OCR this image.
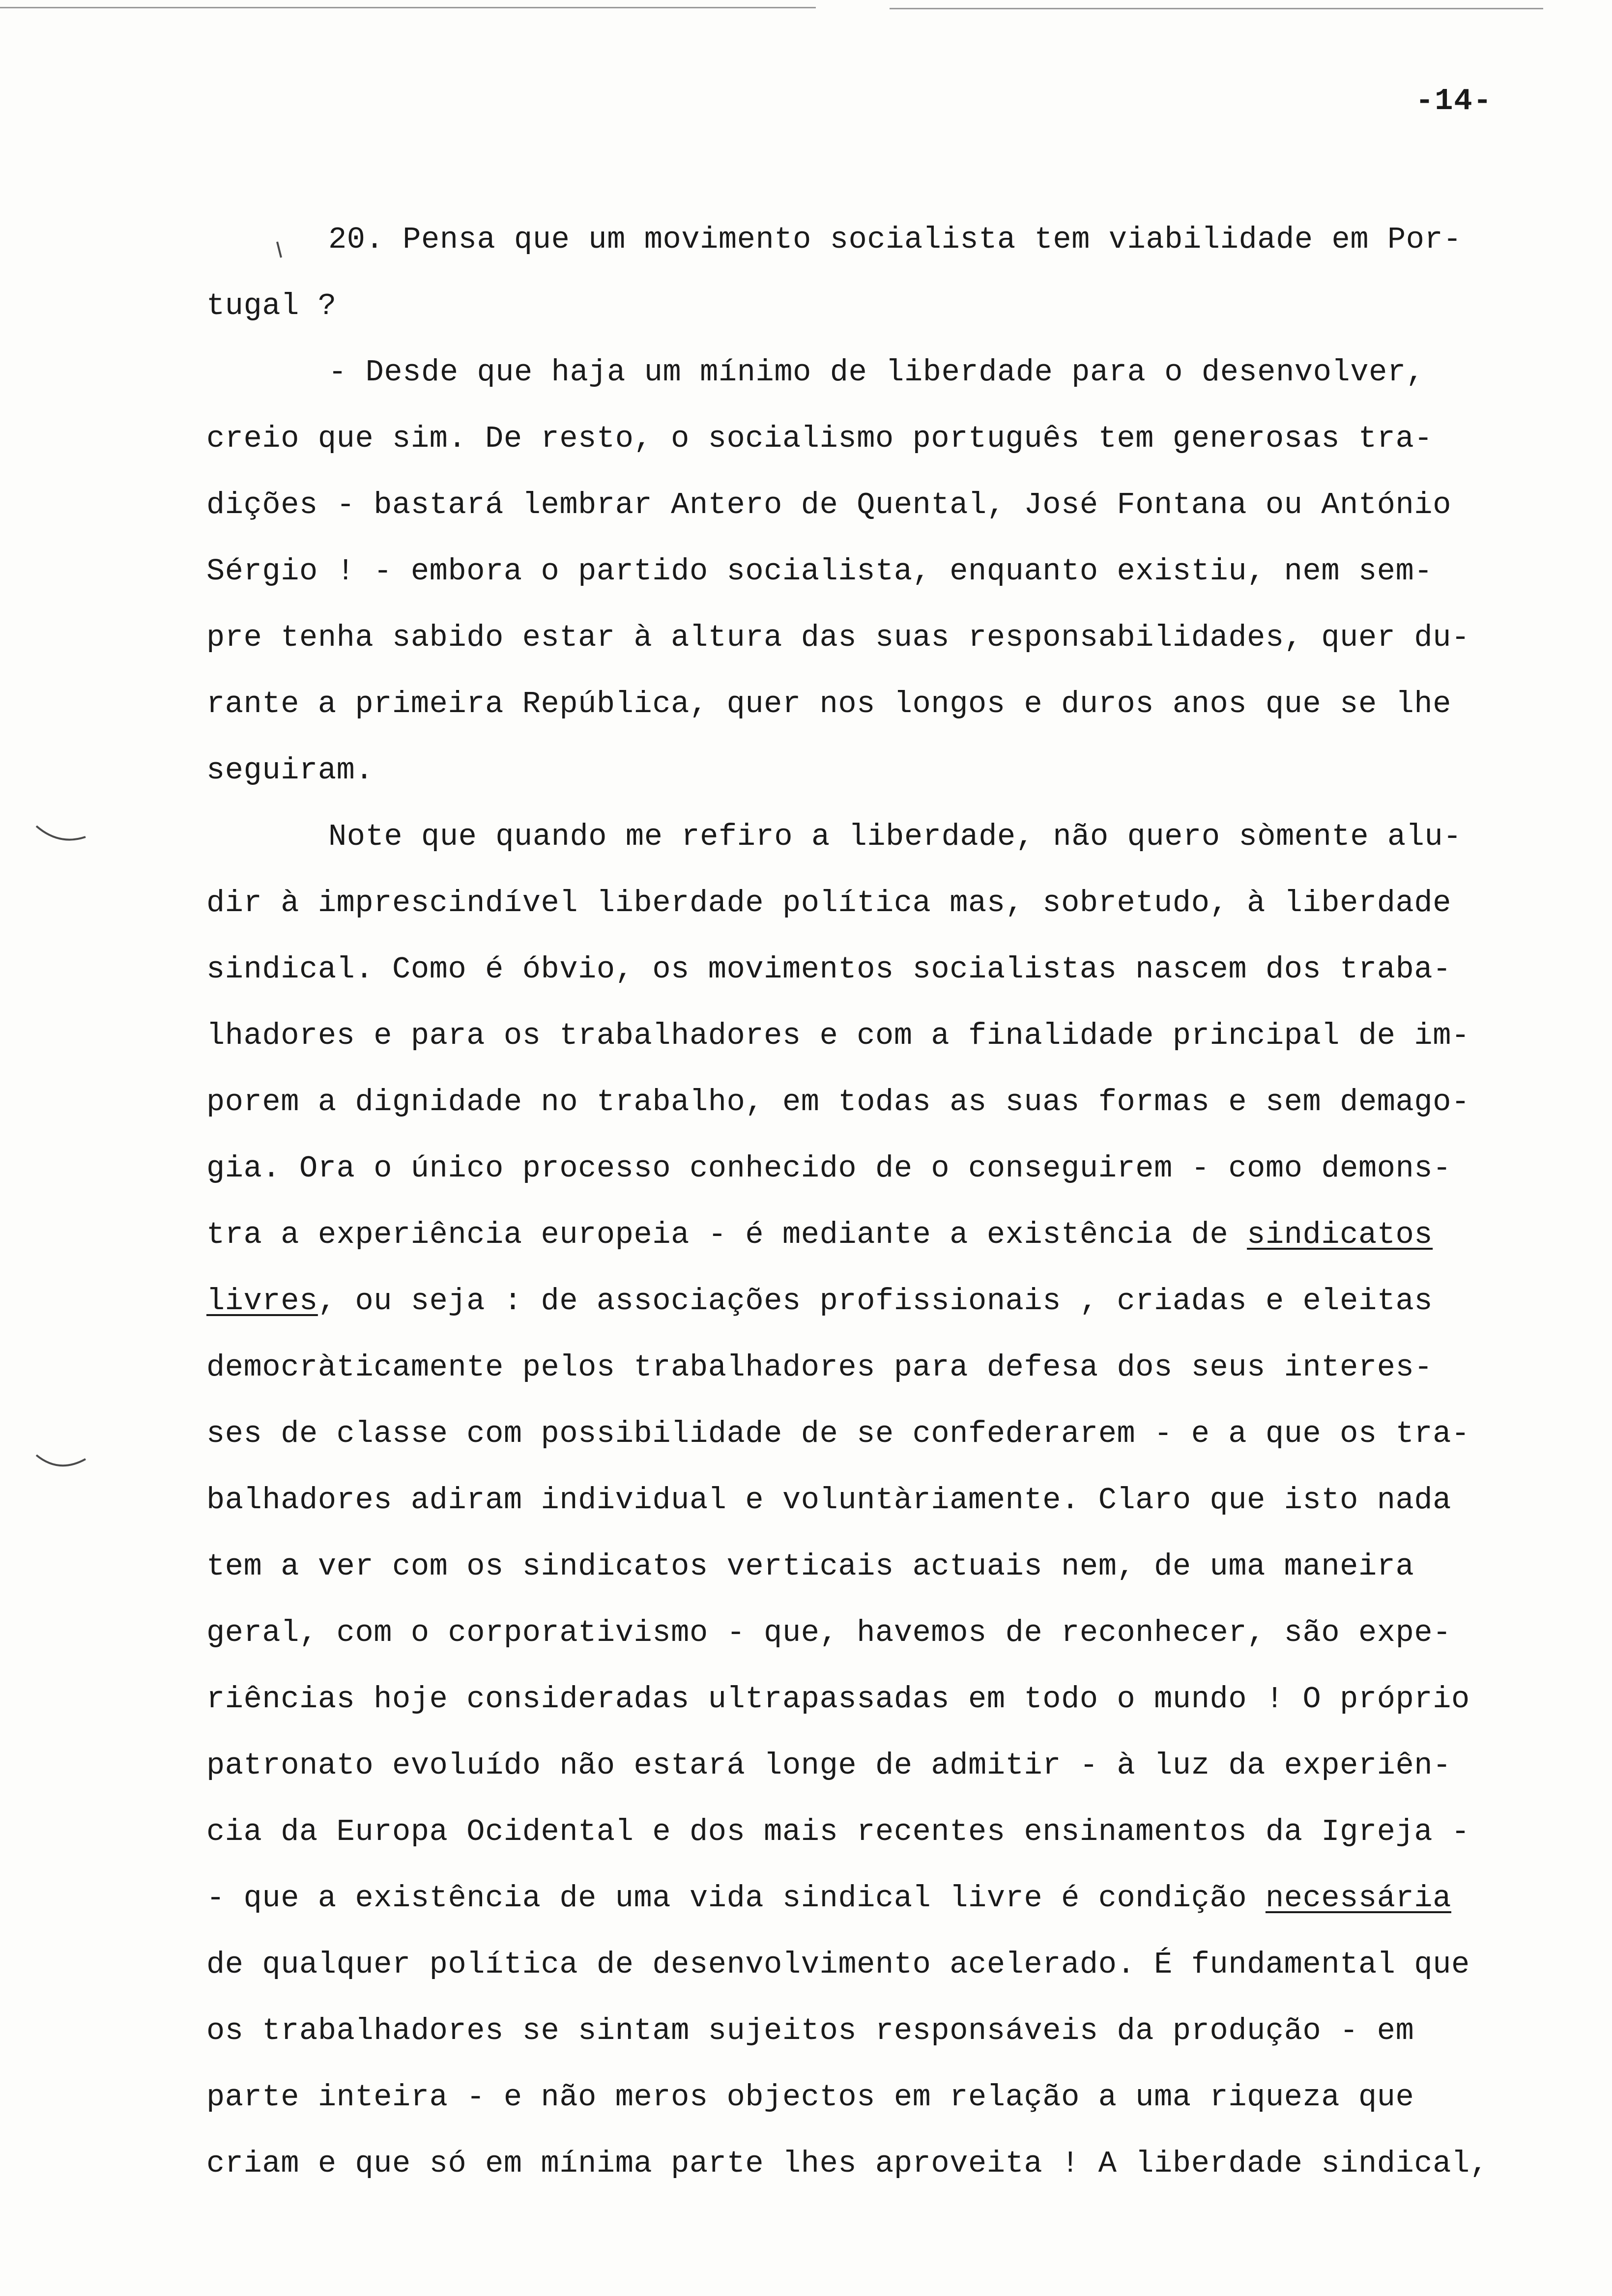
-14-
20. Pensa que um movimento socialista tem viabilidade em Por-
tugal ?
- Desde que haja um mínimo de liberdade para o desenvolver,
creio que sim. De resto, o socialismo português tem generosas tra-
dições - bastará lembrar Antero de Quental, José Fontana ou António
Sérgio ! - embora o partido socialista, enquanto existiu, nem sem-
pre tenha sabido estar à altura das suas responsabilidades, quer du-
rante a primeira República, quer nos longos e duros anos que se lhe
seguiram.
Note que quando me refiro a liberdade, não quero sòmente alu-
dir à imprescindível liberdade política mas, sobretudo, à liberdade
sindical. Como é óbvio, os movimentos socialistas nascem dos traba-
lhadores e para os trabalhadores e com a finalidade principal de im-
porem a dignidade no trabalho, em todas as suas formas e sem demago-
gia. Ora o único processo conhecido de o conseguirem - como demons-
tra a experiência europeia - é mediante a existência de sindicatos
livres, ou seja : de associações profissionais , criadas e eleitas
democràticamente pelos trabalhadores para defesa dos seus interes-
ses de classe com possibilidade de se confederarem - e a que os tra-
balhadores adiram individual e voluntàriamente. Claro que isto nada
tem a ver com os sindicatos verticais actuais nem, de uma maneira
geral, com o corporativismo - que, havemos de reconhecer, são expe-
riências hoje consideradas ultrapassadas em todo o mundo ! O próprio
patronato evoluído não estará longe de admitir - à luz da experiên-
cia da Europa Ocidental e dos mais recentes ensinamentos da Igreja -
- que a existência de uma vida sindical livre é condição necessária
de qualquer política de desenvolvimento acelerado. É fundamental que
os trabalhadores se sintam sujeitos responsáveis da produção - em
parte inteira - e não meros objectos em relação a uma riqueza que
criam e que só em mínima parte lhes aproveita ! A liberdade sindical,
